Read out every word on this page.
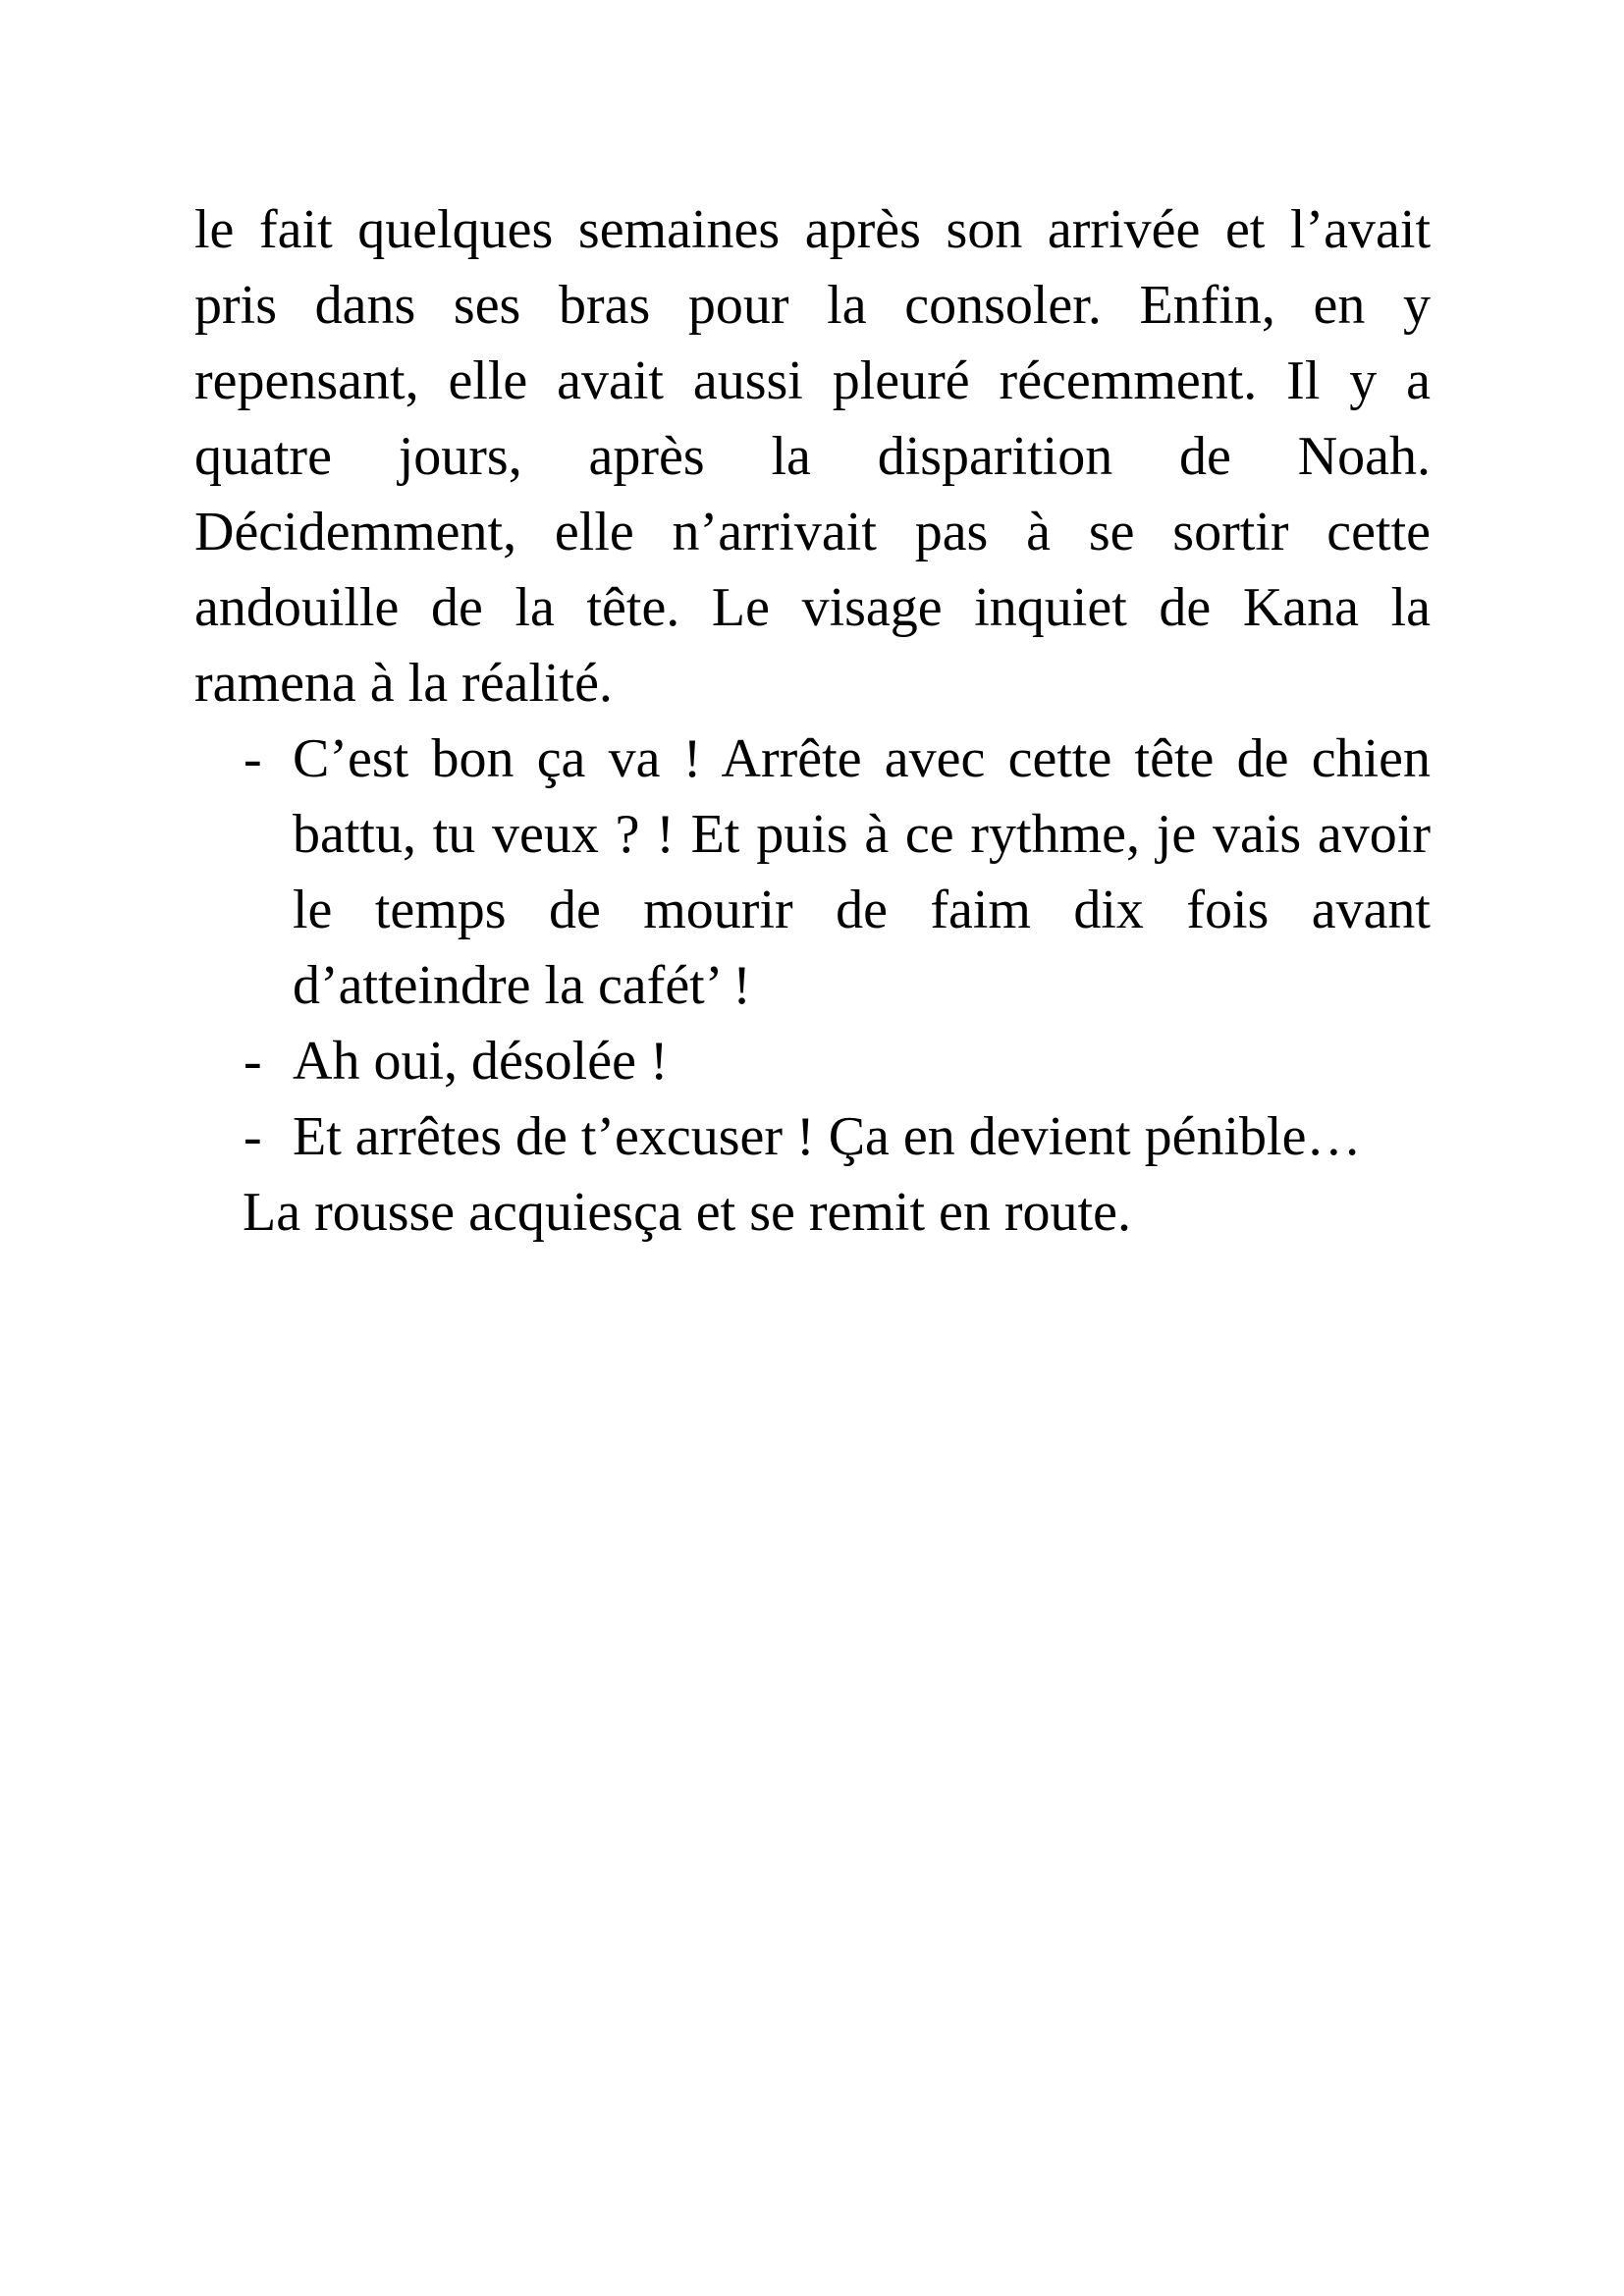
le fait quelques semaines après son arrivée et l’avait
pris dans ses bras pour la consoler. Enfin, en y
repensant, elle avait aussi pleuré récemment. Il y a
quatre jours, après la disparition de Noah.
Décidemment, elle n’arrivait pas à se sortir cette
andouille de la tête. Le visage inquiet de Kana la
ramena à la réalité.
- C’est bon ça va ! Arrête avec cette tête de chien
battu, tu veux ? ! Et puis à ce rythme, je vais avoir
le temps de mourir de faim dix fois avant
d’atteindre la cafét’ !
- Ah oui, désolée !
- Et arrêtes de t’excuser ! Ça en devient pénible…
La rousse acquiesça et se remit en route.
